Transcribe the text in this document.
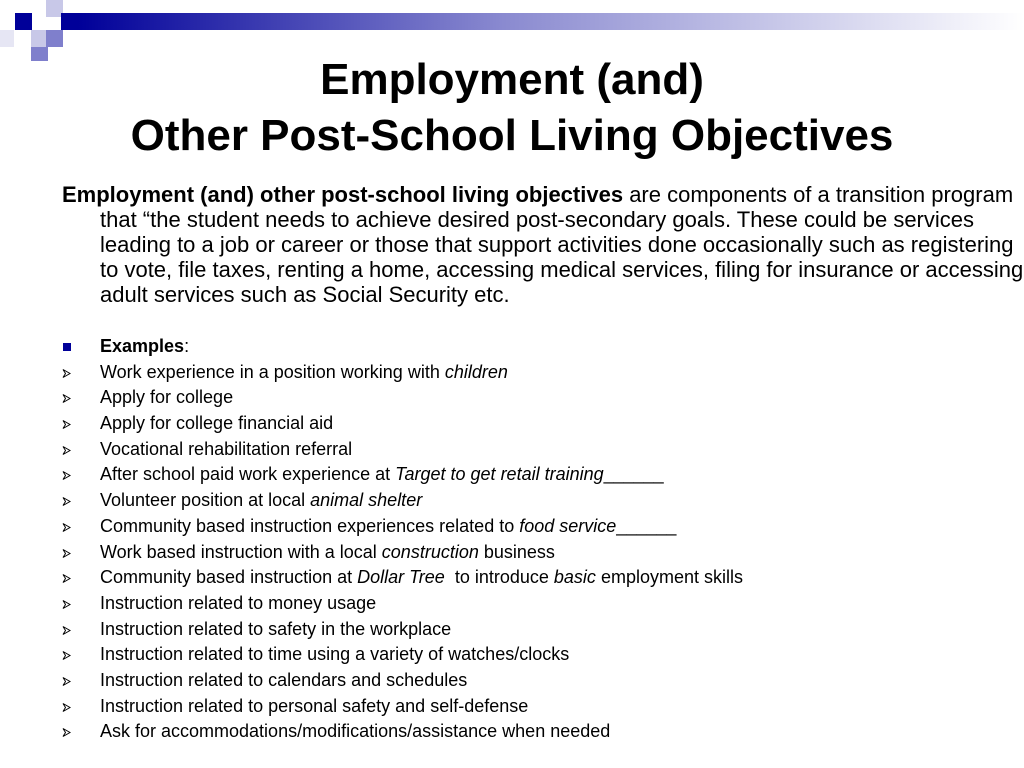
Employment (and)
Other Post-School Living Objectives

Employment (and) other post-school living objectives are components of a transition program that “the student needs to achieve desired post-secondary goals. These could be services leading to a job or career or those that support activities done occasionally such as registering to vote, file taxes, renting a home, accessing medical services, filing for insurance or accessing adult services such as Social Security etc.

Examples:
Work experience in a position working with children
Apply for college
Apply for college financial aid
Vocational rehabilitation referral
After school paid work experience at Target to get retail training______
Volunteer position at local animal shelter
Community based instruction experiences related to food service______
Work based instruction with a local construction business
Community based instruction at Dollar Tree  to introduce basic employment skills
Instruction related to money usage
Instruction related to safety in the workplace
Instruction related to time using a variety of watches/clocks
Instruction related to calendars and schedules
Instruction related to personal safety and self-defense
Ask for accommodations/modifications/assistance when needed
